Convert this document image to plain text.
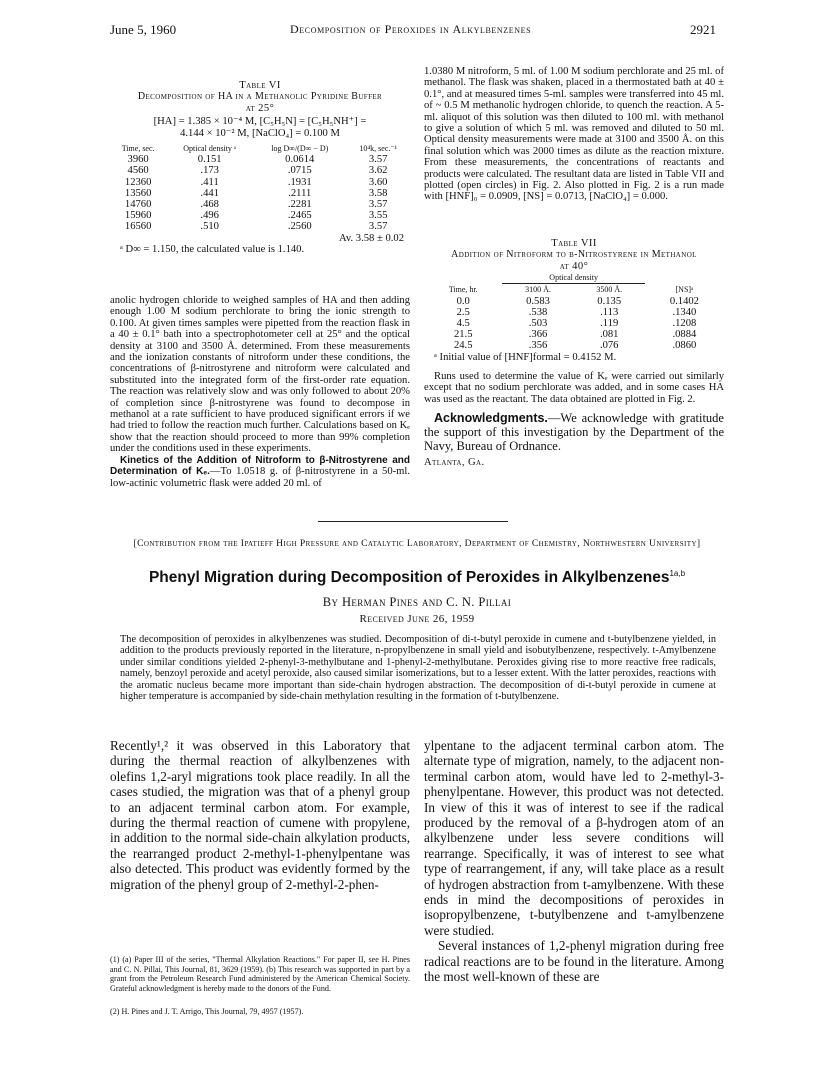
June 5, 1960	Decomposition of Peroxides in Alkylbenzenes	2921
Table VI
Decomposition of HA in a Methanolic Pyridine Buffer
at 25°
[HA] = 1.385 × 10⁻⁴ M, [C₅H₅N] = [C₅H₅NH⁺] =
4.144 × 10⁻² M, [NaClO₄] = 0.100 M
Time, sec.	Optical density ᵃ	log D∞/(D∞ − D)	10⁴k, sec.⁻¹
3960	0.151	0.0614	3.57
4560	.173	.0715	3.62
12360	.411	.1931	3.60
13560	.441	.2111	3.58
14760	.468	.2281	3.57
15960	.496	.2465	3.55
16560	.510	.2560	3.57
Av. 3.58 ± 0.02
ᵃ D∞ = 1.150, the calculated value is 1.140.

anolic hydrogen chloride to weighed samples of HA and then adding enough 1.00 M sodium perchlorate to bring the ionic strength to 0.100. At given times samples were pipetted from the reaction flask in a 40 ± 0.1° bath into a spectrophotometer cell at 25° and the optical density at 3100 and 3500 Å. determined. From these measurements and the ionization constants of nitroform under these conditions, the concentrations of β-nitrostyrene and nitroform were calculated and substituted into the integrated form of the first-order rate equation. The reaction was relatively slow and was only followed to about 20% of completion since β-nitrostyrene was found to decompose in methanol at a rate sufficient to have produced significant errors if we had tried to follow the reaction much further. Calculations based on Kₑ show that the reaction should proceed to more than 99% completion under the conditions used in these experiments.

Kinetics of the Addition of Nitroform to β-Nitrostyrene and Determination of Kₑ.—To 1.0518 g. of β-nitrostyrene in a 50-ml. low-actinic volumetric flask were added 20 ml. of

1.0380 M nitroform, 5 ml. of 1.00 M sodium perchlorate and 25 ml. of methanol. The flask was shaken, placed in a thermostated bath at 40 ± 0.1°, and at measured times 5-ml. samples were transferred into 45 ml. of ~ 0.5 M methanolic hydrogen chloride, to quench the reaction. A 5-ml. aliquot of this solution was then diluted to 100 ml. with methanol to give a solution of which 5 ml. was removed and diluted to 50 ml. Optical density measurements were made at 3100 and 3500 Å. on this final solution which was 2000 times as dilute as the reaction mixture. From these measurements, the concentrations of reactants and products were calculated. The resultant data are listed in Table VII and plotted (open circles) in Fig. 2. Also plotted in Fig. 2 is a run made with [HNF]₀ = 0.0909, [NS] = 0.0713, [NaClO₄] = 0.000.

Table VII
Addition of Nitroform to β-Nitrostyrene in Methanol
at 40°
	Optical density		
Time, hr.	3100 Å.	3500 Å.	[NS]ᵃ
0.0	0.583	0.135	0.1402
2.5	.538	.113	.1340
4.5	.503	.119	.1208
21.5	.366	.081	.0884
24.5	.356	.076	.0860
ᵃ Initial value of [HNF]formal = 0.4152 M.

Runs used to determine the value of Kₑ were carried out similarly except that no sodium perchlorate was added, and in some cases HA was used as the reactant. The data obtained are plotted in Fig. 2.

Acknowledgments.—We acknowledge with gratitude the support of this investigation by the Department of the Navy, Bureau of Ordnance.

Atlanta, Ga.
[Contribution from the Ipatieff High Pressure and Catalytic Laboratory, Department of Chemistry, Northwestern University]
Phenyl Migration during Decomposition of Peroxides in Alkylbenzenes$^{1a,b}$
By Herman Pines and C. N. Pillai
Received June 26, 1959
The decomposition of peroxides in alkylbenzenes was studied. Decomposition of di-t-butyl peroxide in cumene and t-butylbenzene yielded, in addition to the products previously reported in the literature, n-propylbenzene in small yield and isobutylbenzene, respectively. t-Amylbenzene under similar conditions yielded 2-phenyl-3-methylbutane and 1-phenyl-2-methylbutane. Peroxides giving rise to more reactive free radicals, namely, benzoyl peroxide and acetyl peroxide, also caused similar isomerizations, but to a lesser extent. With the latter peroxides, reactions with the aromatic nucleus became more important than side-chain hydrogen abstraction. The decomposition of di-t-butyl peroxide in cumene at higher temperature is accompanied by side-chain methylation resulting in the formation of t-butylbenzene.
Recently¹,² it was observed in this Laboratory that during the thermal reaction of alkylbenzenes with olefins 1,2-aryl migrations took place readily. In all the cases studied, the migration was that of a phenyl group to an adjacent terminal carbon atom. For example, during the thermal reaction of cumene with propylene, in addition to the normal side-chain alkylation products, the rearranged product 2-methyl-1-phenylpentane was also detected. This product was evidently formed by the migration of the phenyl group of 2-methyl-2-phen-
(1) (a) Paper III of the series, "Thermal Alkylation Reactions." For paper II, see H. Pines and C. N. Pillai, This Journal, 81, 3629 (1959). (b) This research was supported in part by a grant from the Petroleum Research Fund administered by the American Chemical Society. Grateful acknowledgment is hereby made to the donors of the Fund.
(2) H. Pines and J. T. Arrigo, This Journal, 79, 4957 (1957).

ylpentane to the adjacent terminal carbon atom. The alternate type of migration, namely, to the adjacent non-terminal carbon atom, would have led to 2-methyl-3-phenylpentane. However, this product was not detected. In view of this it was of interest to see if the radical produced by the removal of a β-hydrogen atom of an alkylbenzene under less severe conditions will rearrange. Specifically, it was of interest to see what type of rearrangement, if any, will take place as a result of hydrogen abstraction from t-amylbenzene. With these ends in mind the decompositions of peroxides in isopropylbenzene, t-butylbenzene and t-amylbenzene were studied.

Several instances of 1,2-phenyl migration during free radical reactions are to be found in the literature. Among the most well-known of these are
